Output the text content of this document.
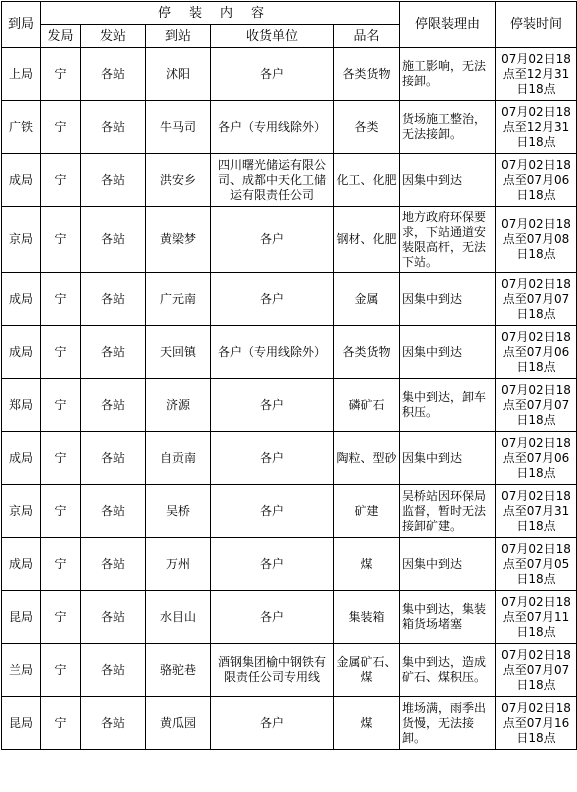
到局	停装内容					停限装理由	停装时间
	发局	发站	到站	收货单位	品名		
上局	宁	各站	沭阳	各户	各类货物	施工影响，无法接卸。	07月02日18点至12月31日18点
广铁	宁	各站	牛马司	各户（专用线除外）	各类	货场施工整治，无法接卸。	07月02日18点至12月31日18点
成局	宁	各站	洪安乡	四川曙光储运有限公司、成都中天化工储运有限责任公司	化工、化肥	因集中到达	07月02日18点至07月06日18点
京局	宁	各站	黄梁梦	各户	钢材、化肥	地方政府环保要求，下站通道安装限高杆，无法下站。	07月02日18点至07月08日18点
成局	宁	各站	广元南	各户	金属	因集中到达	07月02日18点至07月07日18点
成局	宁	各站	天回镇	各户（专用线除外）	各类货物	因集中到达	07月02日18点至07月06日18点
郑局	宁	各站	济源	各户	磷矿石	集中到达，卸车积压。	07月02日18点至07月07日18点
成局	宁	各站	自贡南	各户	陶粒、型砂	因集中到达	07月02日18点至07月06日18点
京局	宁	各站	吴桥	各户	矿建	吴桥站因环保局监督，暂时无法接卸矿建。	07月02日18点至07月31日18点
成局	宁	各站	万州	各户	煤	因集中到达	07月02日18点至07月05日18点
昆局	宁	各站	水目山	各户	集装箱	集中到达，集装箱货场堵塞	07月02日18点至07月11日18点
兰局	宁	各站	骆驼巷	酒钢集团榆中钢铁有限责任公司专用线	金属矿石、煤	集中到达，造成矿石、煤积压。	07月02日18点至07月07日18点
昆局	宁	各站	黄瓜园	各户	煤	堆场满，雨季出货慢，无法接卸。	07月02日18点至07月16日18点
